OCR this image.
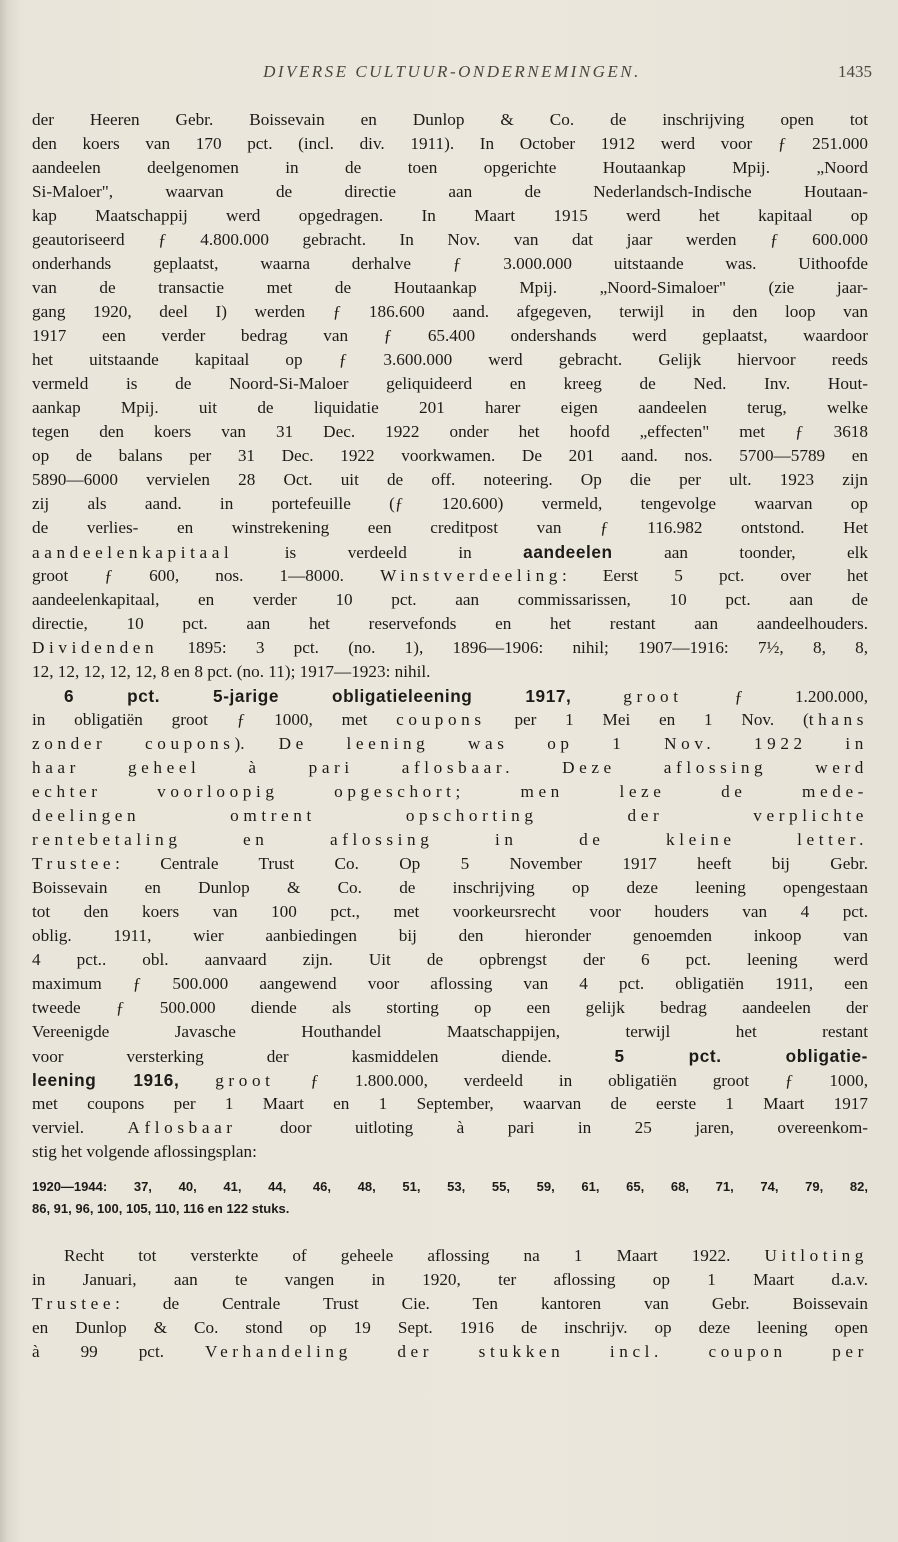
DIVERSE CULTUUR-ONDERNEMINGEN.	1435
der Heeren Gebr. Boissevain en Dunlop & Co. de inschrijving open tot
den koers van 170 pct. (incl. div. 1911). In October 1912 werd voor ƒ 251.000
aandeelen deelgenomen in de toen opgerichte Houtaankap Mpij. „Noord
Si-Maloer", waarvan de directie aan de Nederlandsch-Indische Houtaan-
kap Maatschappij werd opgedragen. In Maart 1915 werd het kapitaal op
geautoriseerd ƒ 4.800.000 gebracht. In Nov. van dat jaar werden ƒ 600.000
onderhands geplaatst, waarna derhalve ƒ 3.000.000 uitstaande was. Uithoofde
van de transactie met de Houtaankap Mpij. „Noord-Simaloer" (zie jaar-
gang 1920, deel I) werden ƒ 186.600 aand. afgegeven, terwijl in den loop van
1917 een verder bedrag van ƒ 65.400 ondershands werd geplaatst, waardoor
het uitstaande kapitaal op ƒ 3.600.000 werd gebracht. Gelijk hiervoor reeds
vermeld is de Noord-Si-Maloer geliquideerd en kreeg de Ned. Inv. Hout-
aankap Mpij. uit de liquidatie 201 harer eigen aandeelen terug, welke
tegen den koers van 31 Dec. 1922 onder het hoofd „effecten" met ƒ 3618
op de balans per 31 Dec. 1922 voorkwamen. De 201 aand. nos. 5700—5789 en
5890—6000 vervielen 28 Oct. uit de off. noteering. Op die per ult. 1923 zijn
zij als aand. in portefeuille (ƒ 120.600) vermeld, tengevolge waarvan op
de verlies- en winstrekening een creditpost van ƒ 116.982 ontstond. Het
aandeelenkapitaal is verdeeld in aandeelen aan toonder, elk
groot ƒ 600, nos. 1—8000. Winstverdeeling: Eerst 5 pct. over het
aandeelenkapitaal, en verder 10 pct. aan commissarissen, 10 pct. aan de
directie, 10 pct. aan het reservefonds en het restant aan aandeelhouders.
Dividenden 1895: 3 pct. (no. 1), 1896—1906: nihil; 1907—1916: 7½, 8, 8,
12, 12, 12, 12, 12, 8 en 8 pct. (no. 11); 1917—1923: nihil.
6 pct. 5-jarige obligatieleening 1917,	groot ƒ 1.200.000,
in obligatiën groot ƒ 1000, met coupons per 1 Mei en 1 Nov. (thans
zonder coupons). De leening was op 1 Nov. 1922 in
haar geheel à pari aflosbaar. Deze aflossing werd
echter voorloopig opgeschort; men leze de mede-
deelingen omtrent opschorting der verplichte
rentebetaling en aflossing in de kleine letter.
Trustee: Centrale Trust Co. Op 5 November 1917 heeft bij Gebr.
Boissevain en Dunlop & Co. de inschrijving op deze leening opengestaan
tot den koers van 100 pct., met voorkeursrecht voor houders van 4 pct.
oblig. 1911, wier aanbiedingen bij den hieronder genoemden inkoop van
4 pct.. obl. aanvaard zijn. Uit de opbrengst der 6 pct. leening werd
maximum ƒ 500.000 aangewend voor aflossing van 4 pct. obligatiën 1911, een
tweede ƒ 500.000 diende als storting op een gelijk bedrag aandeelen der
Vereenigde Javasche Houthandel Maatschappijen, terwijl het restant
voor versterking der kasmiddelen diende. 5 pct. obligatie-
leening 1916, groot ƒ 1.800.000, verdeeld in obligatiën groot ƒ 1000,
met coupons per 1 Maart en 1 September, waarvan de eerste 1 Maart 1917
verviel. Aflosbaar door uitloting à pari in 25 jaren, overeenkom-
stig het volgende aflossingsplan:
1920—1944: 37, 40, 41, 44, 46, 48, 51, 53, 55, 59, 61, 65, 68, 71, 74, 79, 82,
86, 91, 96, 100, 105, 110, 116 en 122 stuks.
Recht tot versterkte of geheele aflossing na 1 Maart 1922. Uitloting
in Januari, aan te vangen in 1920, ter aflossing op 1 Maart d.a.v.
Trustee: de Centrale Trust Cie. Ten kantoren van Gebr. Boissevain
en Dunlop & Co. stond op 19 Sept. 1916 de inschrijv. op deze leening open
à 99 pct. Verhandeling der stukken incl. coupon per
